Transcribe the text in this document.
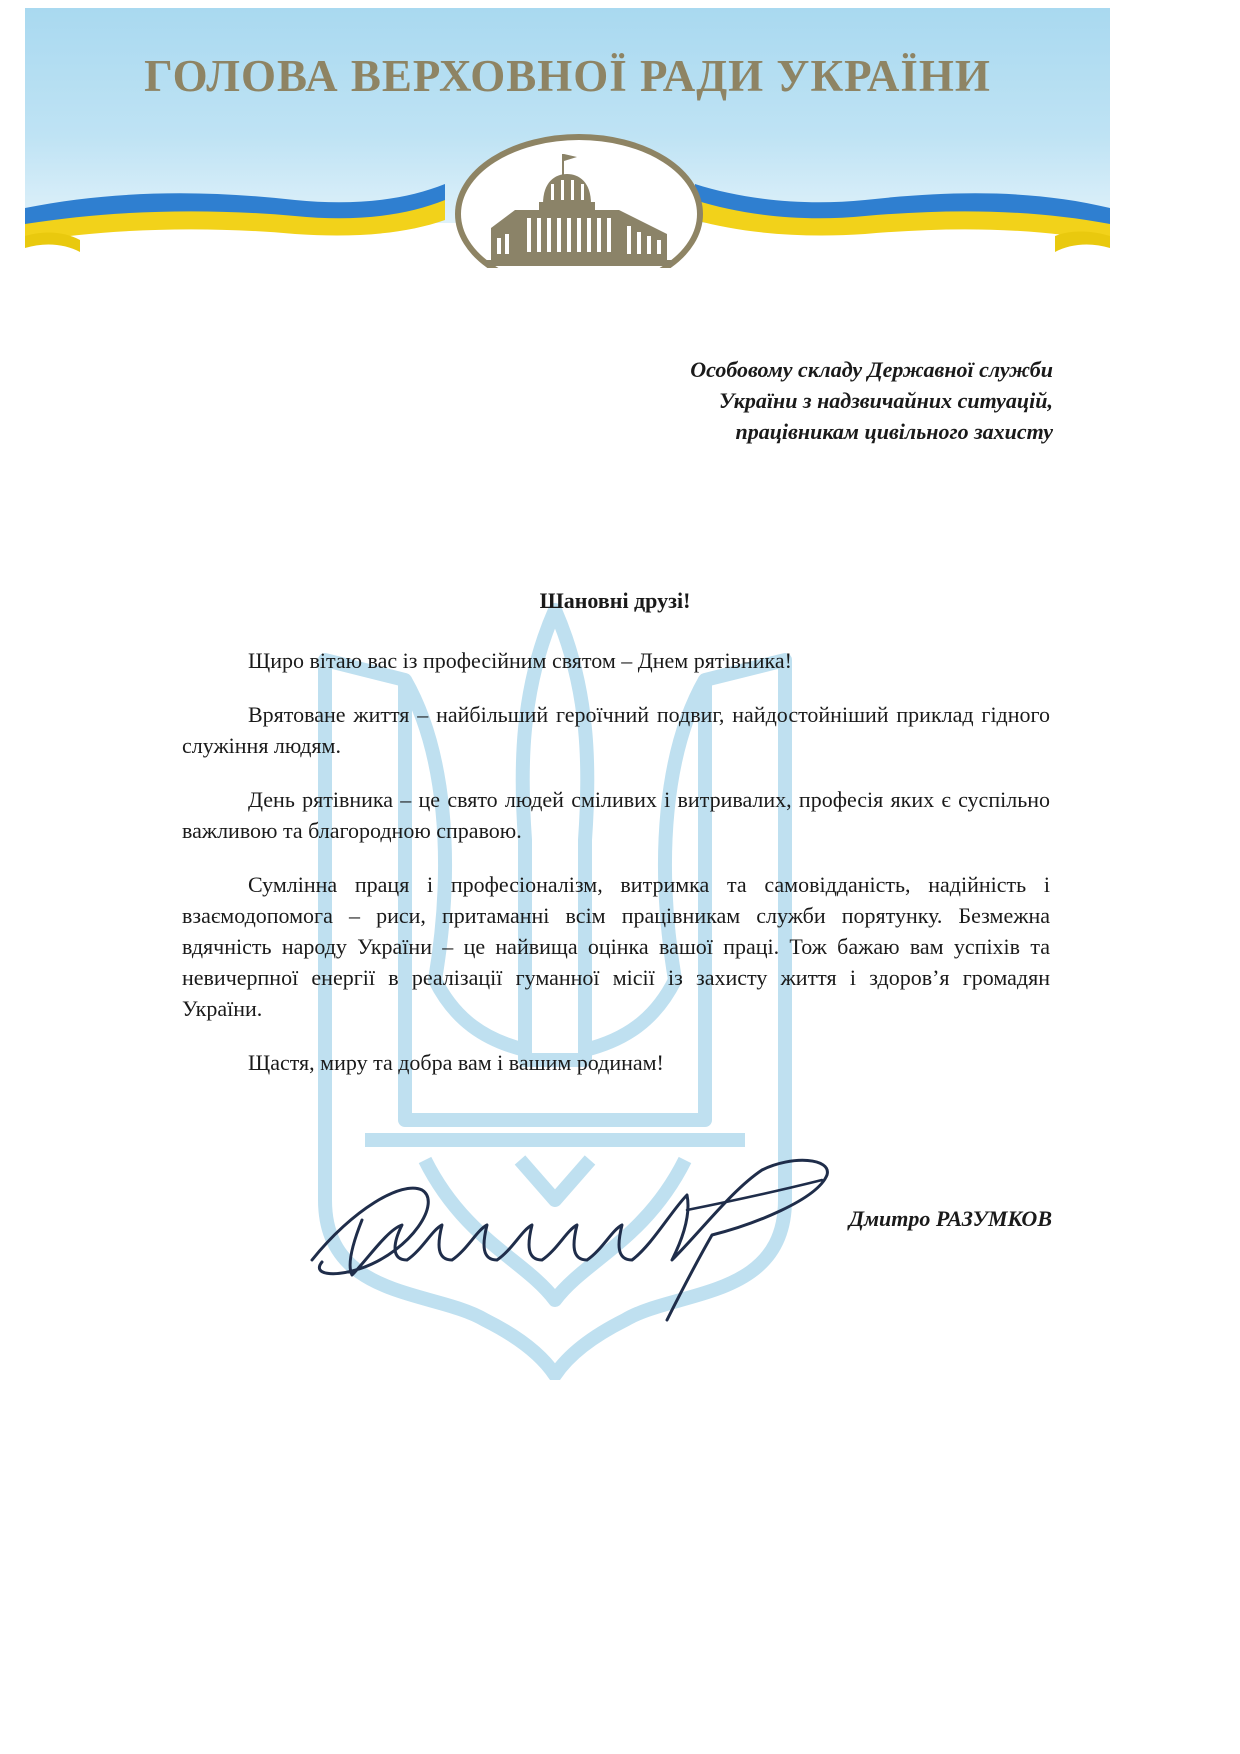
ГОЛОВА ВЕРХОВНОЇ РАДИ УКРАЇНИ
Особовому складу Державної служби
України з надзвичайних ситуацій,
працівникам цивільного захисту
Шановні друзі!

Щиро вітаю вас із професійним святом – Днем рятівника!

Врятоване життя – найбільший героїчний подвиг, найдостойніший приклад гідного служіння людям.

День рятівника – це свято людей сміливих і витривалих, професія яких є суспільно важливою та благородною справою.

Сумлінна праця і професіоналізм, витримка та самовідданість, надійність і взаємодопомога – риси, притаманні всім працівникам служби порятунку. Безмежна вдячність народу України – це найвища оцінка вашої праці. Тож бажаю вам успіхів та невичерпної енергії в реалізації гуманної місії із захисту життя і здоров’я громадян України.

Щастя, миру та добра вам і вашим родинам!

Дмитро РАЗУМКОВ
